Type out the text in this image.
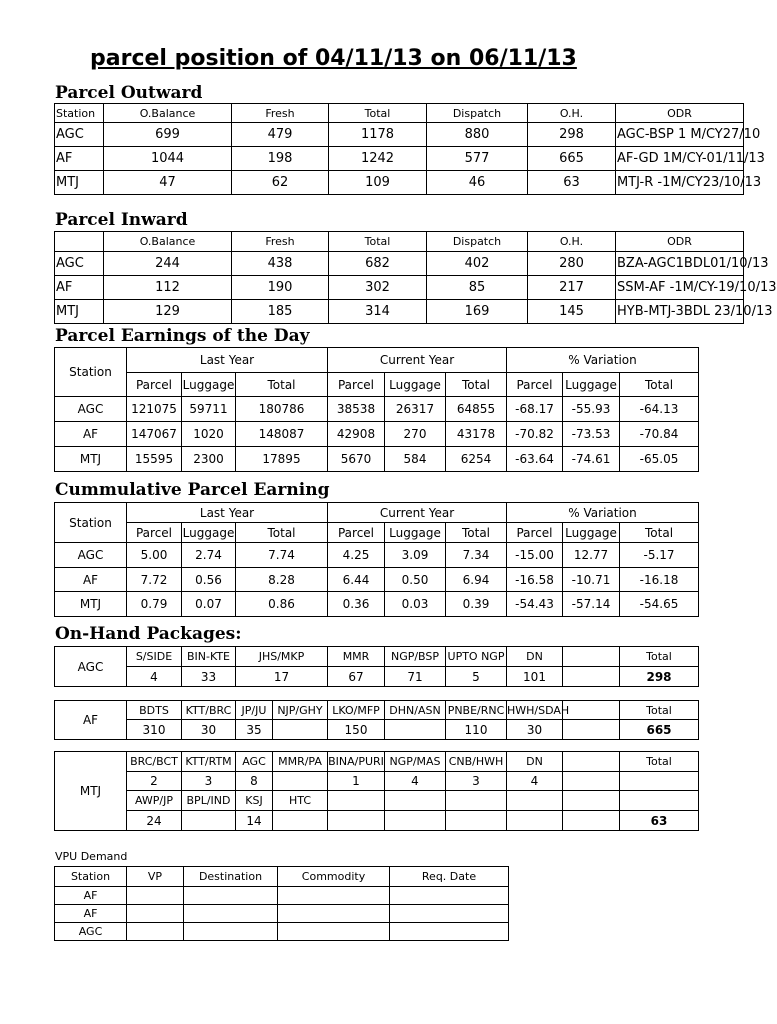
parcel position of 04/11/13 on 06/11/13
Parcel Outward
Station	O.Balance	Fresh	Total	Dispatch	O.H.	ODR
AGC	699	479	1178	880	298	AGC-BSP 1 M/CY27/10
AF	1044	198	1242	577	665	AF-GD 1M/CY-01/11/13
MTJ	47	62	109	46	63	MTJ-R -1M/CY23/10/13
Parcel Inward
	O.Balance	Fresh	Total	Dispatch	O.H.	ODR
AGC	244	438	682	402	280	BZA-AGC1BDL01/10/13
AF	112	190	302	85	217	SSM-AF -1M/CY-19/10/13
MTJ	129	185	314	169	145	HYB-MTJ-3BDL 23/10/13
Parcel Earnings of the Day
Station	Last Year			Current Year			% Variation		
	Parcel	Luggage	Total	Parcel	Luggage	Total	Parcel	Luggage	Total
AGC	121075	59711	180786	38538	26317	64855	-68.17	-55.93	-64.13
AF	147067	1020	148087	42908	270	43178	-70.82	-73.53	-70.84
MTJ	15595	2300	17895	5670	584	6254	-63.64	-74.61	-65.05
Cummulative Parcel Earning
Station	Last Year			Current Year			% Variation		
	Parcel	Luggage	Total	Parcel	Luggage	Total	Parcel	Luggage	Total
AGC	5.00	2.74	7.74	4.25	3.09	7.34	-15.00	12.77	-5.17
AF	7.72	0.56	8.28	6.44	0.50	6.94	-16.58	-10.71	-16.18
MTJ	0.79	0.07	0.86	0.36	0.03	0.39	-54.43	-57.14	-54.65
On-Hand Packages:
AGC	S/SIDE	BIN-KTE	JHS/MKP	MMR	NGP/BSP	UPTO NGP	DN		Total
	4	33	17	67	71	5	101		298
AF	BDTS	KTT/BRC	JP/JU	NJP/GHY	LKO/MFP	DHN/ASN	PNBE/RNC	HWH/SDAH		Total
	310	30	35		150		110	30		665
MTJ	BRC/BCT	KTT/RTM	AGC	MMR/PA	BINA/PURI	NGP/MAS	CNB/HWH	DN		Total
	2	3	8		1	4	3	4		
	AWP/JP	BPL/IND	KSJ	HTC						
	24		14							63
VPU Demand
Station	VP	Destination	Commodity	Req. Date
AF				
AF				
AGC				
